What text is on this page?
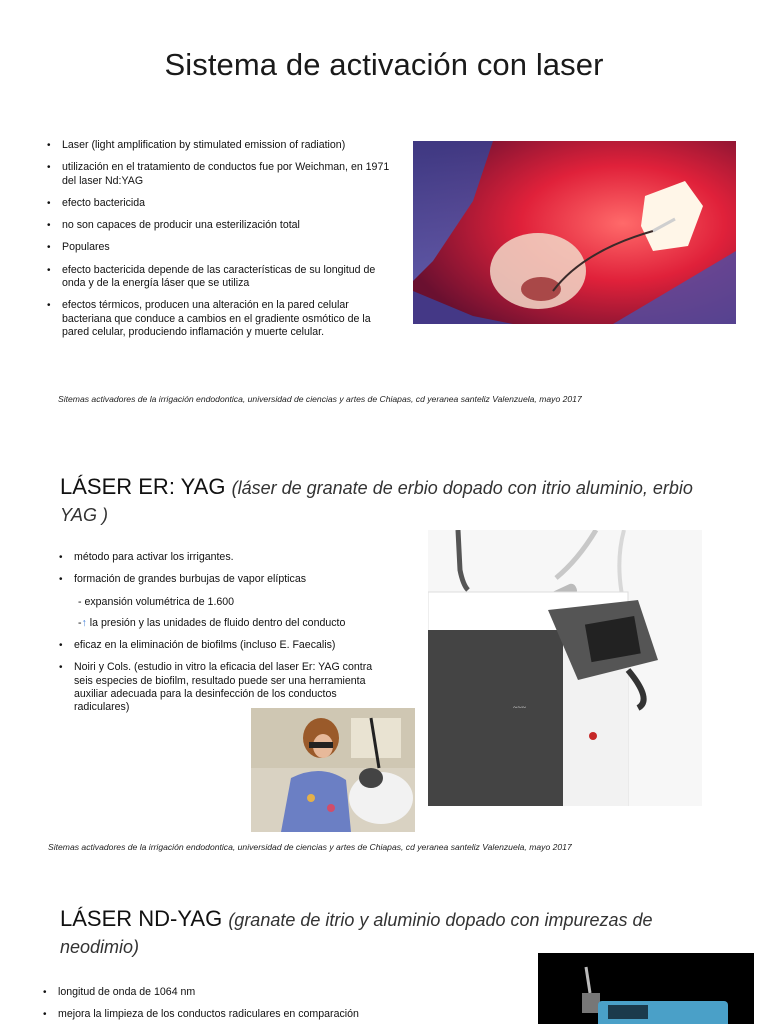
Sistema de activación con laser
• Laser (light amplification by stimulated emission of radiation)
• utilización en el tratamiento de conductos fue por Weichman, en 1971 del laser Nd:YAG
• efecto bactericida
• no son capaces de producir una esterilización total
• Populares
• efecto bactericida depende de las características de su longitud de onda y de la energía láser que se utiliza
• efectos térmicos, producen una alteración en la pared celular bacteriana que conduce a cambios en el gradiente osmótico de la pared celular, produciendo inflamación y muerte celular.
Sitemas activadores de la irrigación endodontica, universidad de ciencias y artes de Chiapas, cd yeranea santeliz Valenzuela, mayo 2017
LÁSER ER: YAG (láser de granate de erbio dopado con itrio aluminio, erbio YAG )
• método para activar los irrigantes.
• formación de grandes burbujas de vapor elípticas
- expansión volumétrica de 1.600
-↑ la presión y las unidades de fluido dentro del conducto
• eficaz en la eliminación de biofilms (incluso E. Faecalis)
• Noiri y Cols. (estudio in vitro la eficacia del laser Er: YAG contra seis especies de biofilm, resultado puede ser una herramienta auxiliar adecuada para la desinfección de los conductos radiculares)	~~~
Sitemas activadores de la irrigación endodontica, universidad de ciencias y artes de Chiapas, cd yeranea santeliz Valenzuela, mayo 2017
LÁSER ND-YAG (granate de itrio y aluminio dopado con impurezas de neodimio)
• longitud de onda de 1064 nm
• mejora la limpieza de los conductos radiculares en comparación
